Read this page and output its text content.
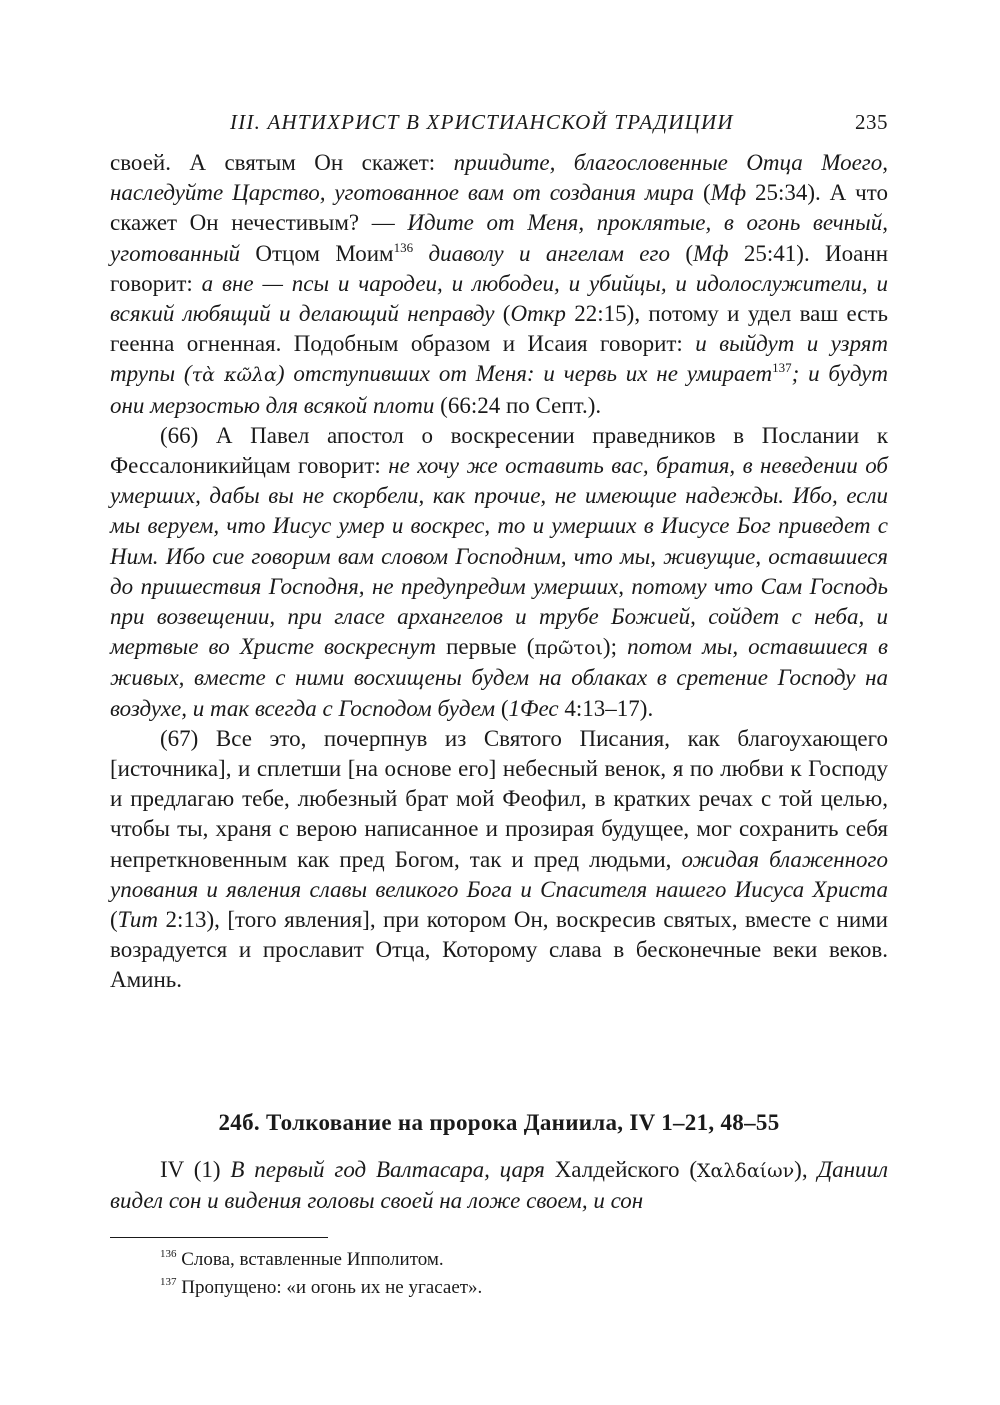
III. АНТИХРИСТ В ХРИСТИАНСКОЙ ТРАДИЦИИ	235

своей. А святым Он скажет: приидите, благословенные Отца Моего, наследуйте Царство, уготованное вам от создания мира (Мф 25:34). А что скажет Он нечестивым? — Идите от Меня, проклятые, в огонь вечный, уготованный Отцом Моим$^{136}$ диаволу и ангелам его (Мф 25:41). Иоанн говорит: а вне — псы и чародеи, и любодеи, и убийцы, и идолослужители, и всякий любящий и делающий неправду (Откр 22:15), потому и удел ваш есть геенна огненная. Подобным образом и Исаия говорит: и выйдут и узрят трупы (τὰ κῶλα) отступивших от Меня: и червь их не умирает$^{137}$; и будут они мерзостью для всякой плоти (66:24 по Септ.).

(66) А Павел апостол о воскресении праведников в Послании к Фессалоникийцам говорит: не хочу же оставить вас, братия, в неведении об умерших, дабы вы не скорбели, как прочие, не имеющие надежды. Ибо, если мы веруем, что Иисус умер и воскрес, то и умерших в Иисусе Бог приведет с Ним. Ибо сие говорим вам словом Господним, что мы, живущие, оставшиеся до пришествия Господня, не предупредим умерших, потому что Сам Господь при возвещении, при гласе архангелов и трубе Божией, сойдет с неба, и мертвые во Христе воскреснут первые (πρῶτοι); потом мы, оставшиеся в живых, вместе с ними восхищены будем на облаках в сретение Господу на воздухе, и так всегда с Господом будем (1Фес 4:13–17).

(67) Все это, почерпнув из Святого Писания, как благоухающего [источника], и сплетши [на основе его] небесный венок, я по любви к Господу и предлагаю тебе, любезный брат мой Феофил, в кратких речах с той целью, чтобы ты, храня с верою написанное и прозирая будущее, мог сохранить себя непреткновенным как пред Богом, так и пред людьми, ожидая блаженного упования и явления славы великого Бога и Спасителя нашего Иисуса Христа (Тит 2:13), [того явления], при котором Он, воскресив святых, вместе с ними возрадуется и прославит Отца, Которому слава в бесконечные веки веков. Аминь.

24б. Толкование на пророка Даниила, IV 1–21, 48–55

IV (1) В первый год Валтасара, царя Халдейского (Χαλδαίων), Даниил видел сон и видения головы своей на ложе своем, и сон

$^{136}$ Слова, вставленные Ипполитом.

$^{137}$ Пропущено: «и огонь их не угасает».
